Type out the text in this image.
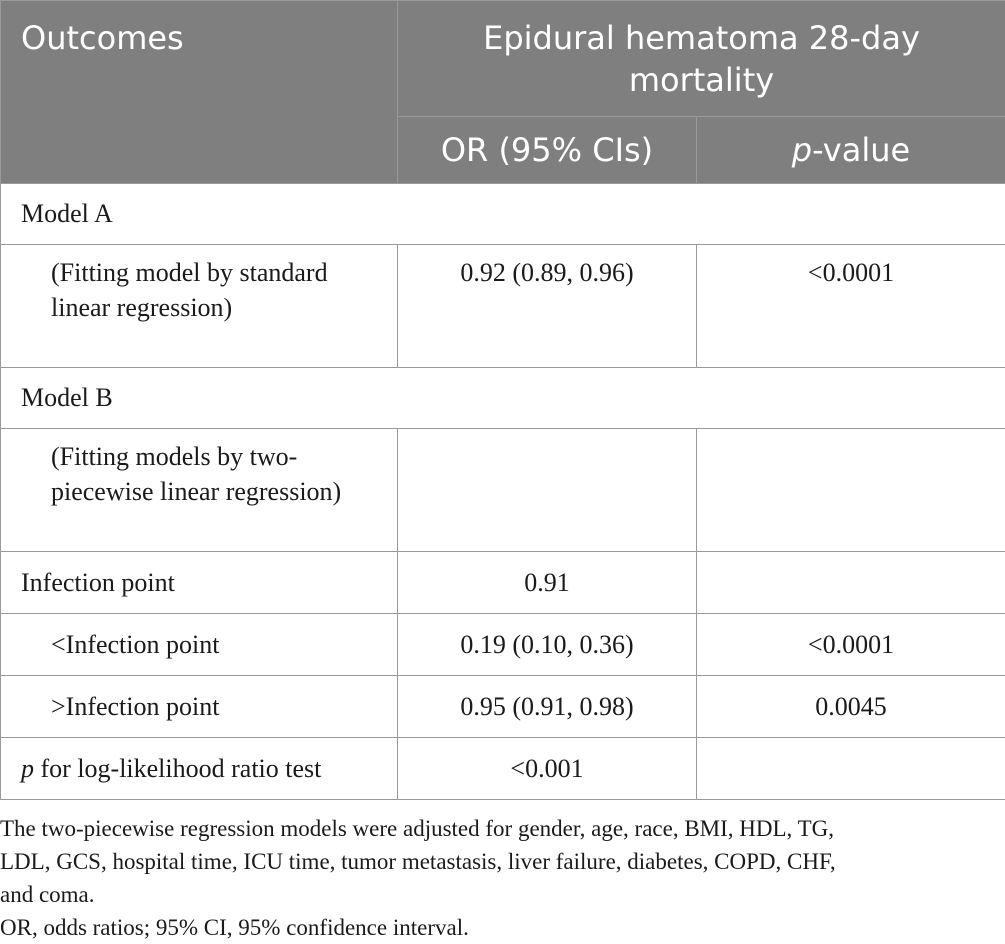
Outcomes	Epidural hematoma 28-day
mortality	
	OR (95% CIs)	p-value
Model A		
(Fitting model by standard
linear regression)	0.92 (0.89, 0.96)	<0.0001
Model B		
(Fitting models by two-
piecewise linear regression)		
Infection point	0.91	
<Infection point	0.19 (0.10, 0.36)	<0.0001
>Infection point	0.95 (0.91, 0.98)	0.0045
p for log-likelihood ratio test	<0.001	

The two-piecewise regression models were adjusted for gender, age, race, BMI, HDL, TG,
LDL, GCS, hospital time, ICU time, tumor metastasis, liver failure, diabetes, COPD, CHF,
and coma.

OR, odds ratios; 95% CI, 95% confidence interval.
